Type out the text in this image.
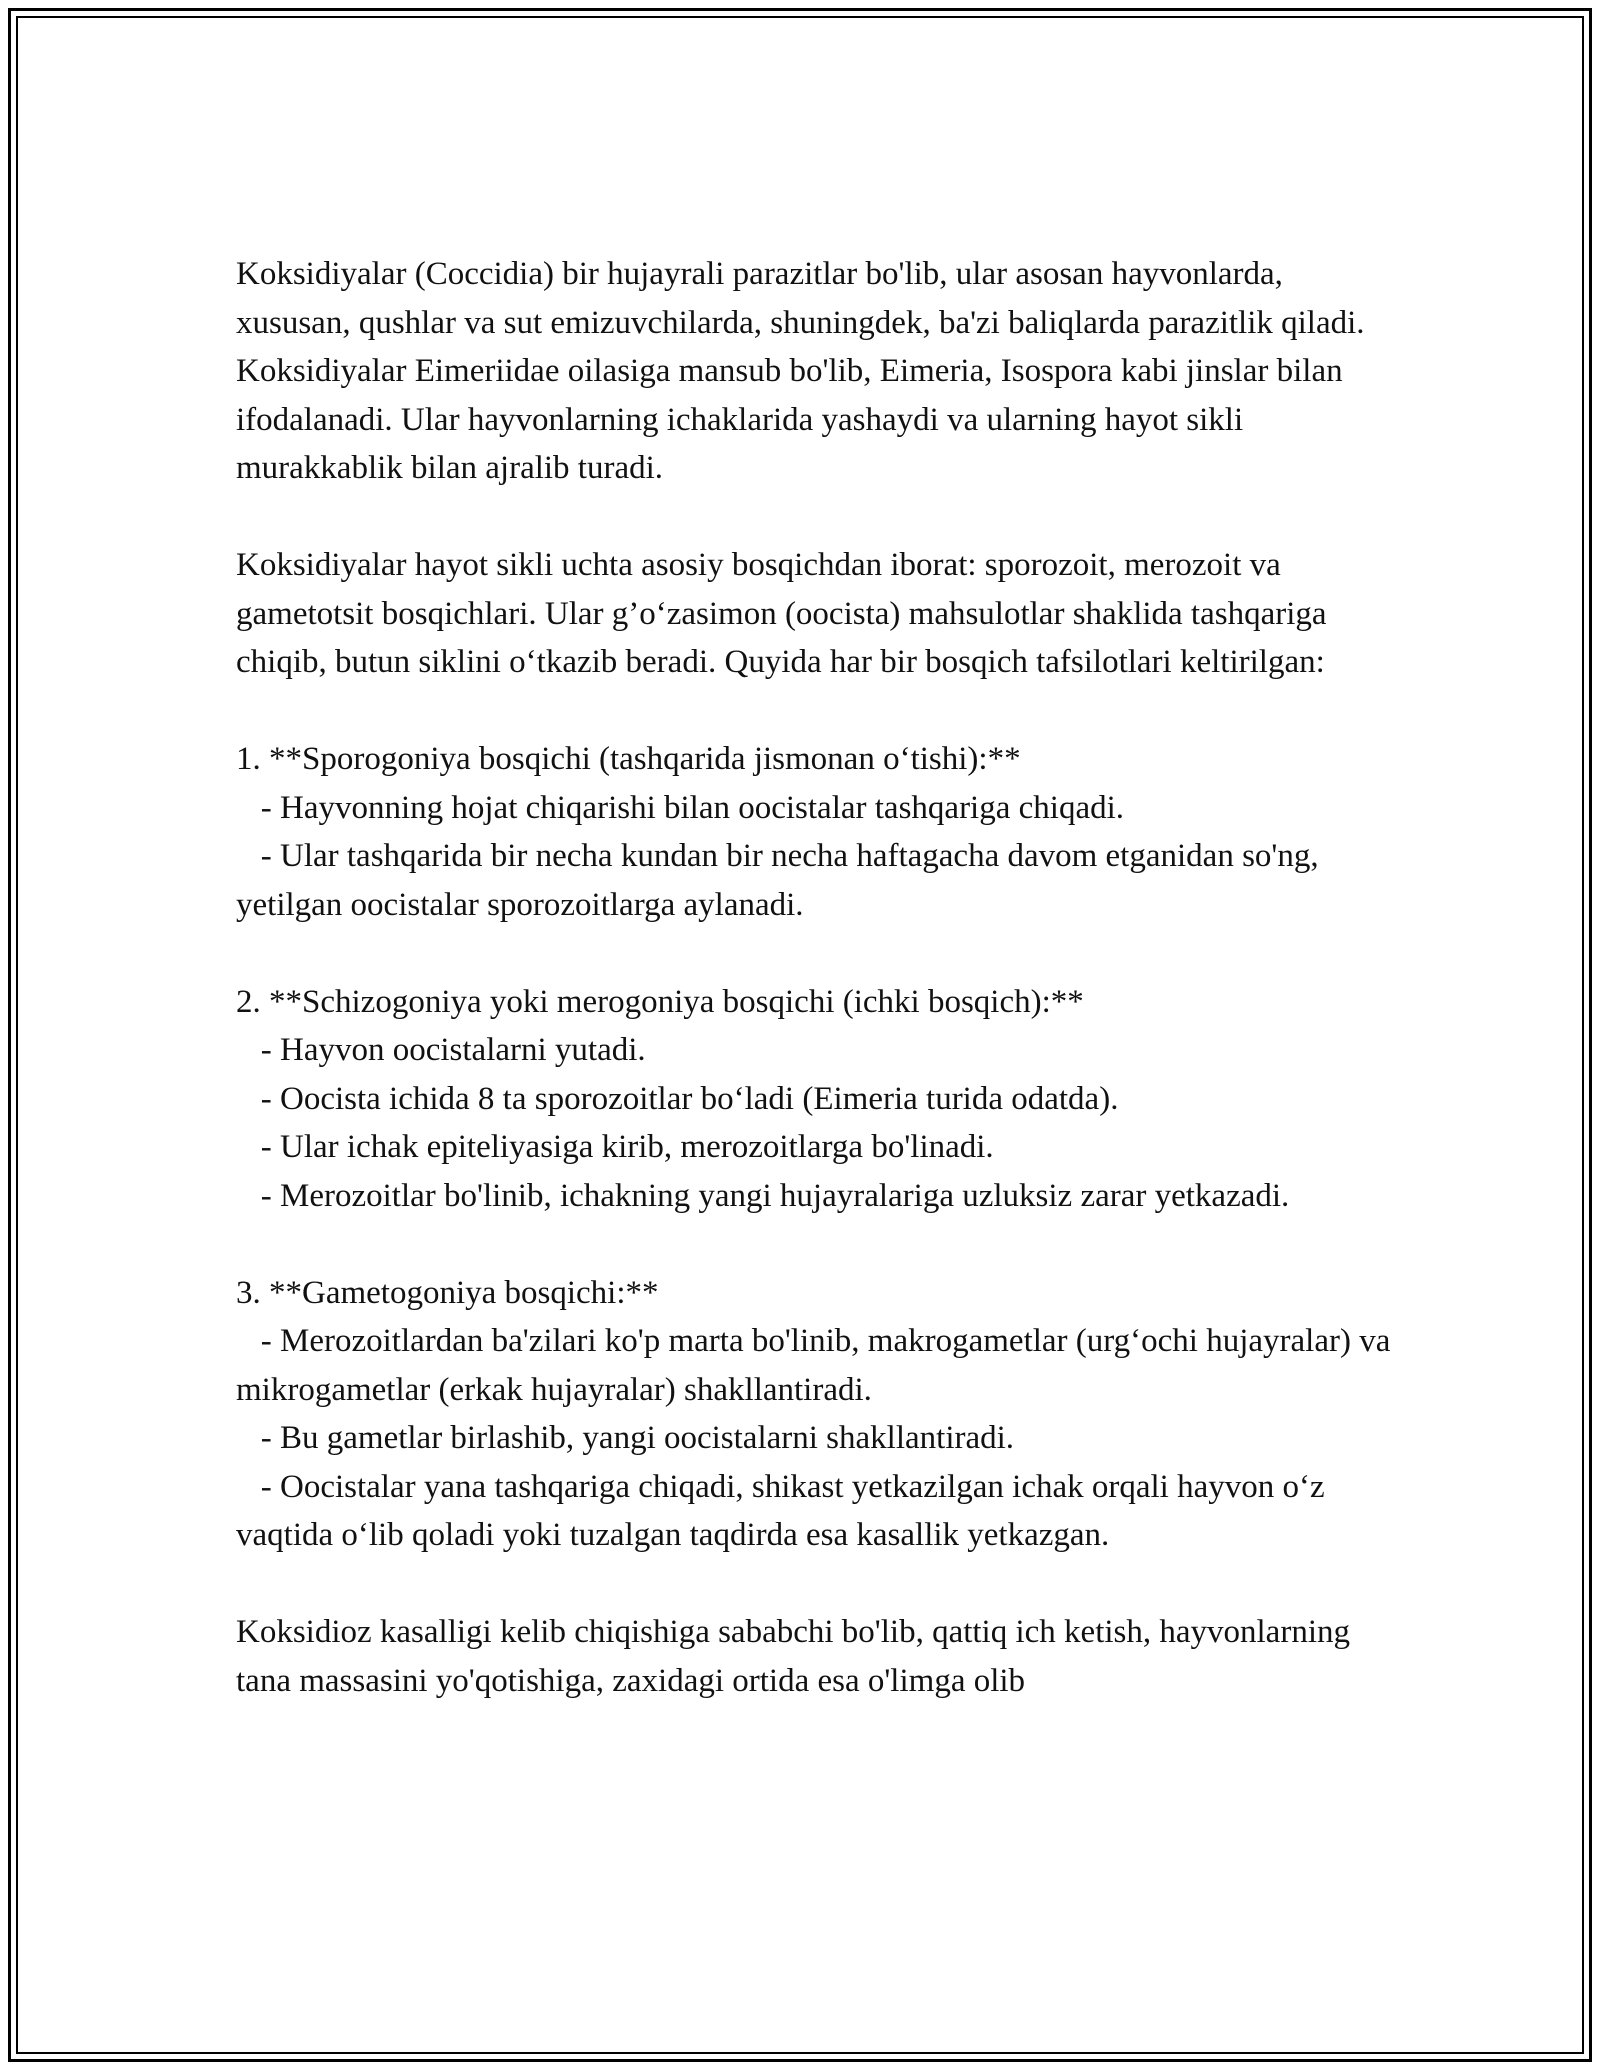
Koksidiyalar (Coccidia) bir hujayrali parazitlar bo'lib, ular asosan hayvonlarda, xususan, qushlar va sut emizuvchilarda, shuningdek, ba'zi baliqlarda parazitlik qiladi. Koksidiyalar Eimeriidae oilasiga mansub bo'lib, Eimeria, Isospora kabi jinslar bilan ifodalanadi. Ular hayvonlarning ichaklarida yashaydi va ularning hayot sikli murakkablik bilan ajralib turadi.

Koksidiyalar hayot sikli uchta asosiy bosqichdan iborat: sporozoit, merozoit va gametotsit bosqichlari. Ular g’o‘zasimon (oocista) mahsulotlar shaklida tashqariga chiqib, butun siklini o‘tkazib beradi. Quyida har bir bosqich tafsilotlari keltirilgan:

1. **Sporogoniya bosqichi (tashqarida jismonan o‘tishi):**

- Hayvonning hojat chiqarishi bilan oocistalar tashqariga chiqadi.

- Ular tashqarida bir necha kundan bir necha haftagacha davom etganidan so'ng, yetilgan oocistalar sporozoitlarga aylanadi.

2. **Schizogoniya yoki merogoniya bosqichi (ichki bosqich):**

- Hayvon oocistalarni yutadi.

- Oocista ichida 8 ta sporozoitlar bo‘ladi (Eimeria turida odatda).

- Ular ichak epiteliyasiga kirib, merozoitlarga bo'linadi.

- Merozoitlar bo'linib, ichakning yangi hujayralariga uzluksiz zarar yetkazadi.

3. **Gametogoniya bosqichi:**

- Merozoitlardan ba'zilari ko'p marta bo'linib, makrogametlar (urg‘ochi hujayralar) va mikrogametlar (erkak hujayralar) shakllantiradi.

- Bu gametlar birlashib, yangi oocistalarni shakllantiradi.

- Oocistalar yana tashqariga chiqadi, shikast yetkazilgan ichak orqali hayvon o‘z vaqtida o‘lib qoladi yoki tuzalgan taqdirda esa kasallik yetkazgan.

Koksidioz kasalligi kelib chiqishiga sababchi bo'lib, qattiq ich ketish, hayvonlarning tana massasini yo'qotishiga, zaxidagi ortida esa o'limga olib
